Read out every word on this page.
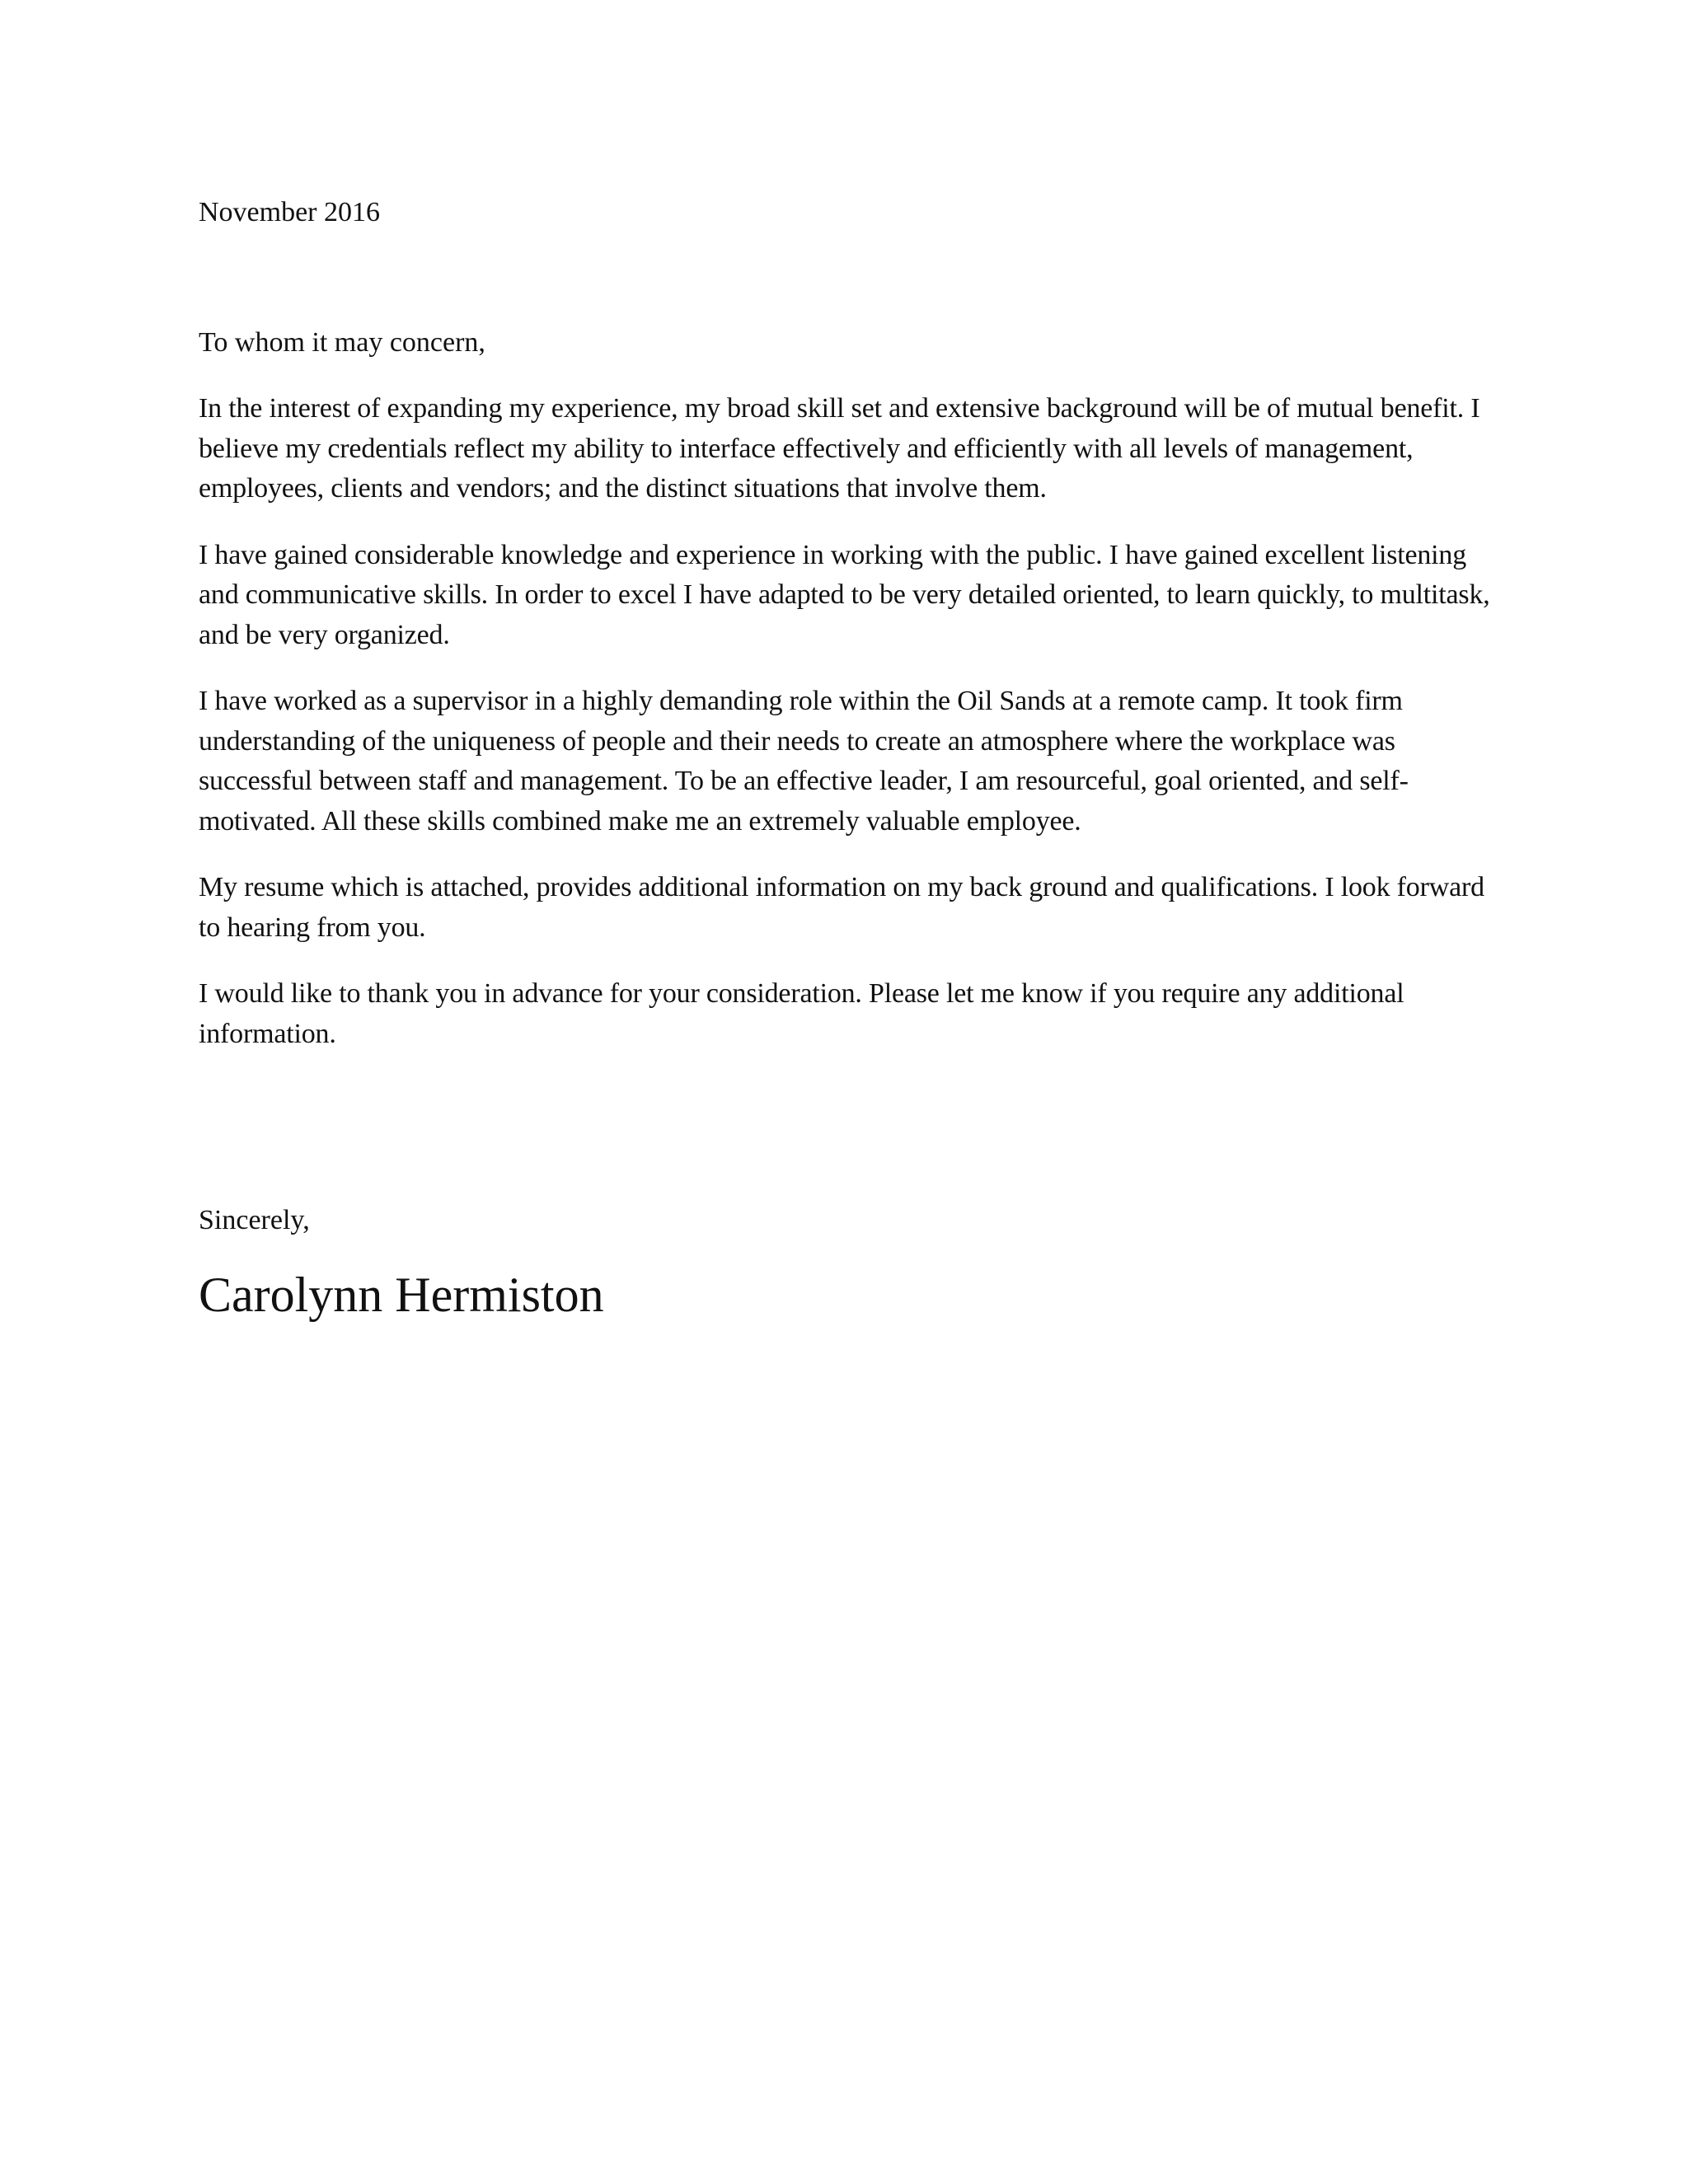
November 2016

To whom it may concern,

In the interest of expanding my experience, my broad skill set and extensive background will be of mutual benefit. I believe my credentials reflect my ability to interface effectively and efficiently with all levels of management, employees, clients and vendors; and the distinct situations that involve them.

I have gained considerable knowledge and experience in working with the public. I have gained excellent listening and communicative skills. In order to excel I have adapted to be very detailed oriented, to learn quickly, to multitask, and be very organized.

I have worked as a supervisor in a highly demanding role within the Oil Sands at a remote camp. It took firm understanding of the uniqueness of people and their needs to create an atmosphere where the workplace was successful between staff and management. To be an effective leader, I am resourceful, goal oriented, and self-motivated. All these skills combined make me an extremely valuable employee.

My resume which is attached, provides additional information on my back ground and qualifications. I look forward to hearing from you.

I would like to thank you in advance for your consideration. Please let me know if you require any additional information.

Sincerely,

Carolynn Hermiston
